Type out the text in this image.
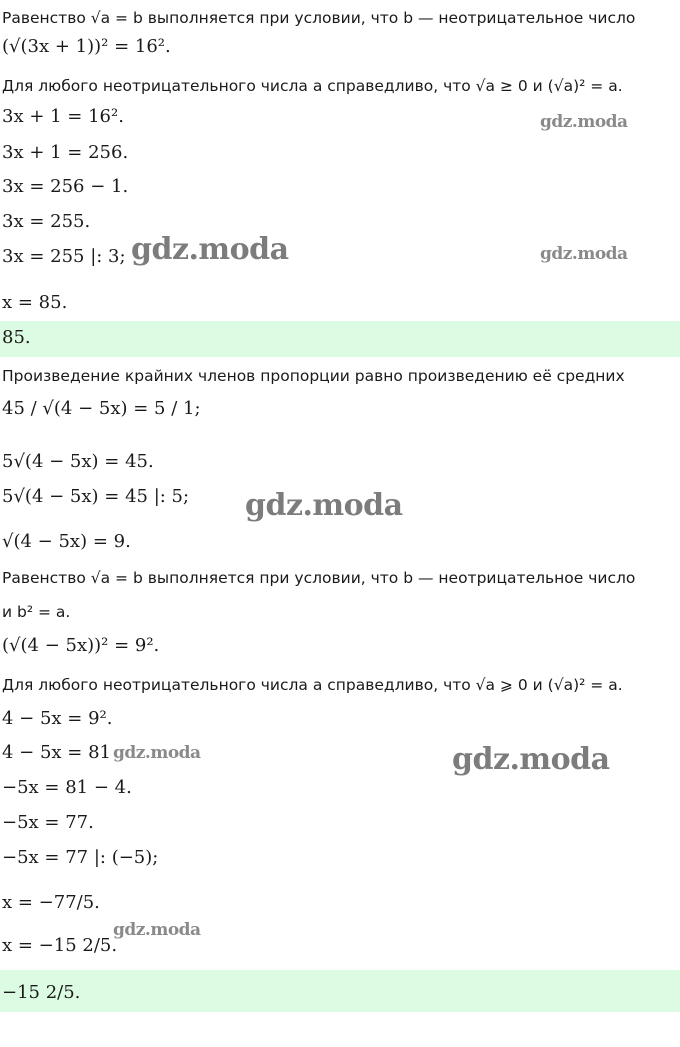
Равенство √a = b выполняется при условии, что b — неотрицательное число
(√(3x + 1))² = 16².
Для любого неотрицательного числа a справедливо, что √a ≥ 0 и (√a)² = a.
3x + 1 = 16².
3x + 1 = 256.
3x = 256 − 1.
3x = 255.
3x = 255 |: 3;
x = 85.
85.
Произведение крайних членов пропорции равно произведению её средних
45 / √(4 − 5x) = 5 / 1;
5√(4 − 5x) = 45.
5√(4 − 5x) = 45 |: 5;
√(4 − 5x) = 9.
Равенство √a = b выполняется при условии, что b — неотрицательное число
и b² = a.
(√(4 − 5x))² = 9².
Для любого неотрицательного числа a справедливо, что √a ⩾ 0 и (√a)² = a.
4 − 5x = 9².
4 − 5x = 81
−5x = 81 − 4.
−5x = 77.
−5x = 77 |: (−5);
x = −77/5.
x = −15 2/5.
−15 2/5.
gdz.moda
gdz.moda	gdz.moda
gdz.moda
gdz.moda	gdz.moda
gdz.moda
